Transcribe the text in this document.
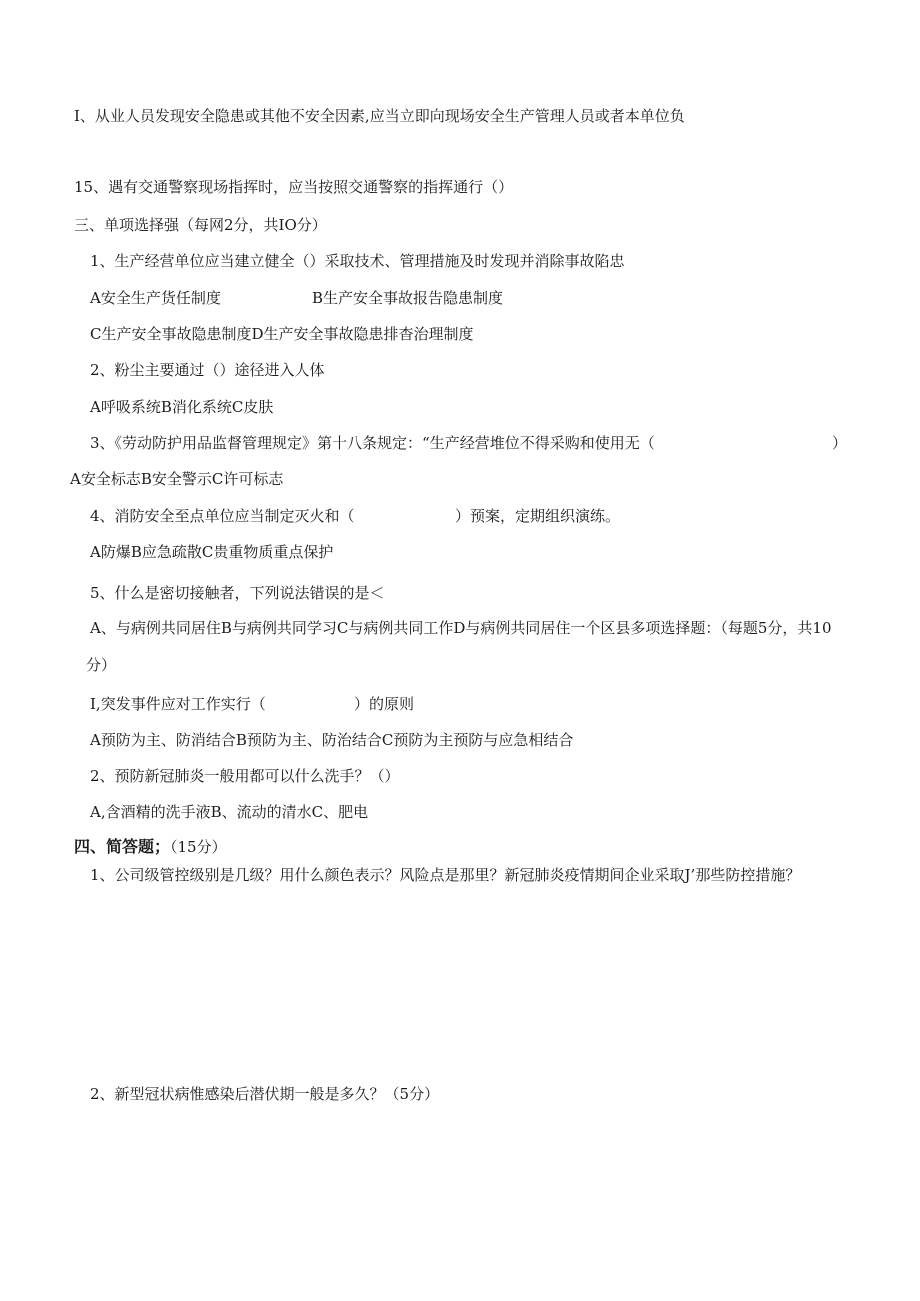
I、从业人员发现安全隐患或其他不安全因素,应当立即向现场安全生产管理人员或者本单位负
15、遇有交通警察现场指挥时，应当按照交通警察的指挥通行（）
三、单项选择强（每网2分，共IO分）
1、生产经营单位应当建立健全（）采取技术、管理措施及时发现并消除事故陷忠
A安全生产货任制度	B生产安全事故报告隐患制度
C生产安全事故隐患制度D生产安全事故隐患排杳治理制度
2、粉尘主要通过（）途径进入人体
A呼吸系统B消化系统C皮肤
3、《劳动防护用品监督管理规定》第十八条规定：“生产经营堆位不得采购和使用无（	）
A安全标志B安全警示C许可标志
4、消防安全至点单位应当制定灭火和（	）预案，定期组织演练。
A防爆B应急疏散C贵重物质重点保护
5、什么是密切接触者，下列说法错误的是＜
A、与病例共同居住B与病例共同学习C与病例共同工作D与病例共同居住一个区县多项选择题：（每题5分，共10
分）
I,突发事件应对工作实行（	）的原则
A预防为主、防消结合B预防为主、防治结合C预防为主预防与应急相结合
2、预防新冠肺炎一般用都可以什么洗手？（）
A,含酒精的洗手液B、流动的清水C、肥电
四、简答题；（15分）
1、公司级管控级别是几级？用什么颜色表示？风险点是那里？新冠肺炎疫情期间企业采取J’那些防控措施？
2、新型冠状病惟感染后潜伏期一般是多久？（5分）
